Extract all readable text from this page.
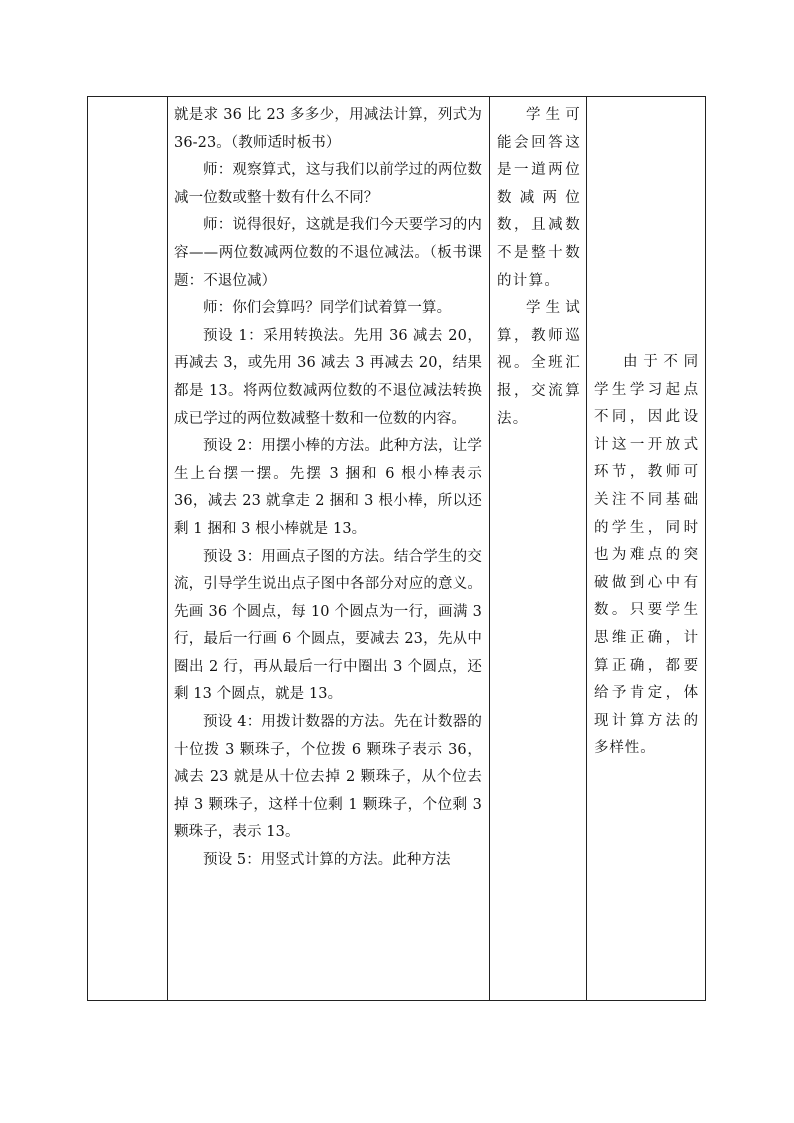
就是求 36 比 23 多多少，用减法计算，列式为 36-23。（教师适时板书）

师：观察算式，这与我们以前学过的两位数减一位数或整十数有什么不同？

师：说得很好，这就是我们今天要学习的内容——两位数减两位数的不退位减法。（板书课题：不退位减）

师：你们会算吗？同学们试着算一算。

预设 1：采用转换法。先用 36 减去 20，再减去 3，或先用 36 减去 3 再减去 20，结果都是 13。将两位数减两位数的不退位减法转换成已学过的两位数减整十数和一位数的内容。

预设 2：用摆小棒的方法。此种方法，让学生上台摆一摆。先摆 3 捆和 6 根小棒表示 36，减去 23 就拿走 2 捆和 3 根小棒，所以还剩 1 捆和 3 根小棒就是 13。

预设 3：用画点子图的方法。结合学生的交流，引导学生说出点子图中各部分对应的意义。先画 36 个圆点，每 10 个圆点为一行，画满 3 行，最后一行画 6 个圆点，要减去 23，先从中圈出 2 行，再从最后一行中圈出 3 个圆点，还剩 13 个圆点，就是 13。

预设 4：用拨计数器的方法。先在计数器的十位拨 3 颗珠子，个位拨 6 颗珠子表示 36，减去 23 就是从十位去掉 2 颗珠子，从个位去掉 3 颗珠子，这样十位剩 1 颗珠子，个位剩 3 颗珠子，表示 13。

预设 5：用竖式计算的方法。此种方法

学生可能会回答这是一道两位数减两位数，且减数不是整十数的计算。

学生试算，教师巡视。全班汇报，交流算法。

由于不同学生学习起点不同，因此设计这一开放式环节，教师可关注不同基础的学生，同时也为难点的突破做到心中有数。只要学生思维正确，计算正确，都要给予肯定，体现计算方法的多样性。
